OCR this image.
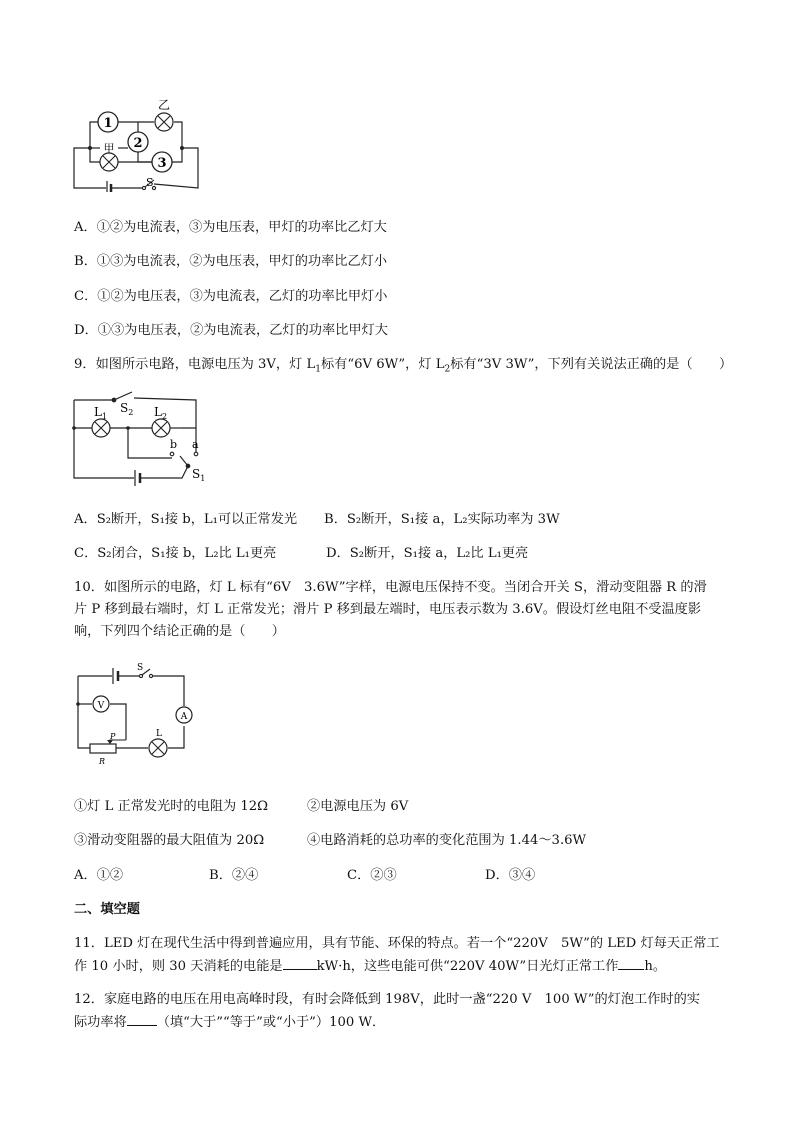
1
2
3
乙
甲
S
A．①②为电流表，③为电压表，甲灯的功率比乙灯大
B．①③为电流表，②为电压表，甲灯的功率比乙灯小
C．①②为电压表，③为电流表，乙灯的功率比甲灯小
D．①③为电压表，②为电流表，乙灯的功率比甲灯大
9．如图所示电路，电源电压为 3V，灯 $L_1$标有“6V 6W”，灯 $L_2$标有“3V 3W”，下列有关说法正确的是（　　）
$L_1$	$L_2$
$S_2$
b a
$S_1$
A．S₂断开，S₁接 b，L₁可以正常发光 B．S₂断开，S₁接 a，L₂实际功率为 3W
C．S₂闭合，S₁接 b，L₂比 L₁更亮	D．S₂断开，S₁接 a，L₂比 L₁更亮
10．如图所示的电路，灯 L 标有“6V　3.6W”字样，电源电压保持不变。当闭合开关 S，滑动变阻器 R 的滑
片 P 移到最右端时，灯 L 正常发光；滑片 P 移到最左端时，电压表示数为 3.6V。假设灯丝电阻不受温度影
响，下列四个结论正确的是（　　）
S
V
A
L
P
R
①灯 L 正常发光时的电阻为 12Ω	②电源电压为 6V
③滑动变阻器的最大阻值为 20Ω	④电路消耗的总功率的变化范围为 1.44～3.6W
A．①②	B．②④	C．②③	D．③④
二、填空题
11．LED 灯在现代生活中得到普遍应用，具有节能、环保的特点。若一个“220V　5W”的 LED 灯每天正常工
作 10 小时，则 30 天消耗的电能是	kW·h，这些电能可供“220V 40W”日光灯正常工作 h。
12．家庭电路的电压在用电高峰时段，有时会降低到 198V，此时一盏“220 V　100 W”的灯泡工作时的实
际功率将 （填“大于”“等于”或“小于”）100 W．
